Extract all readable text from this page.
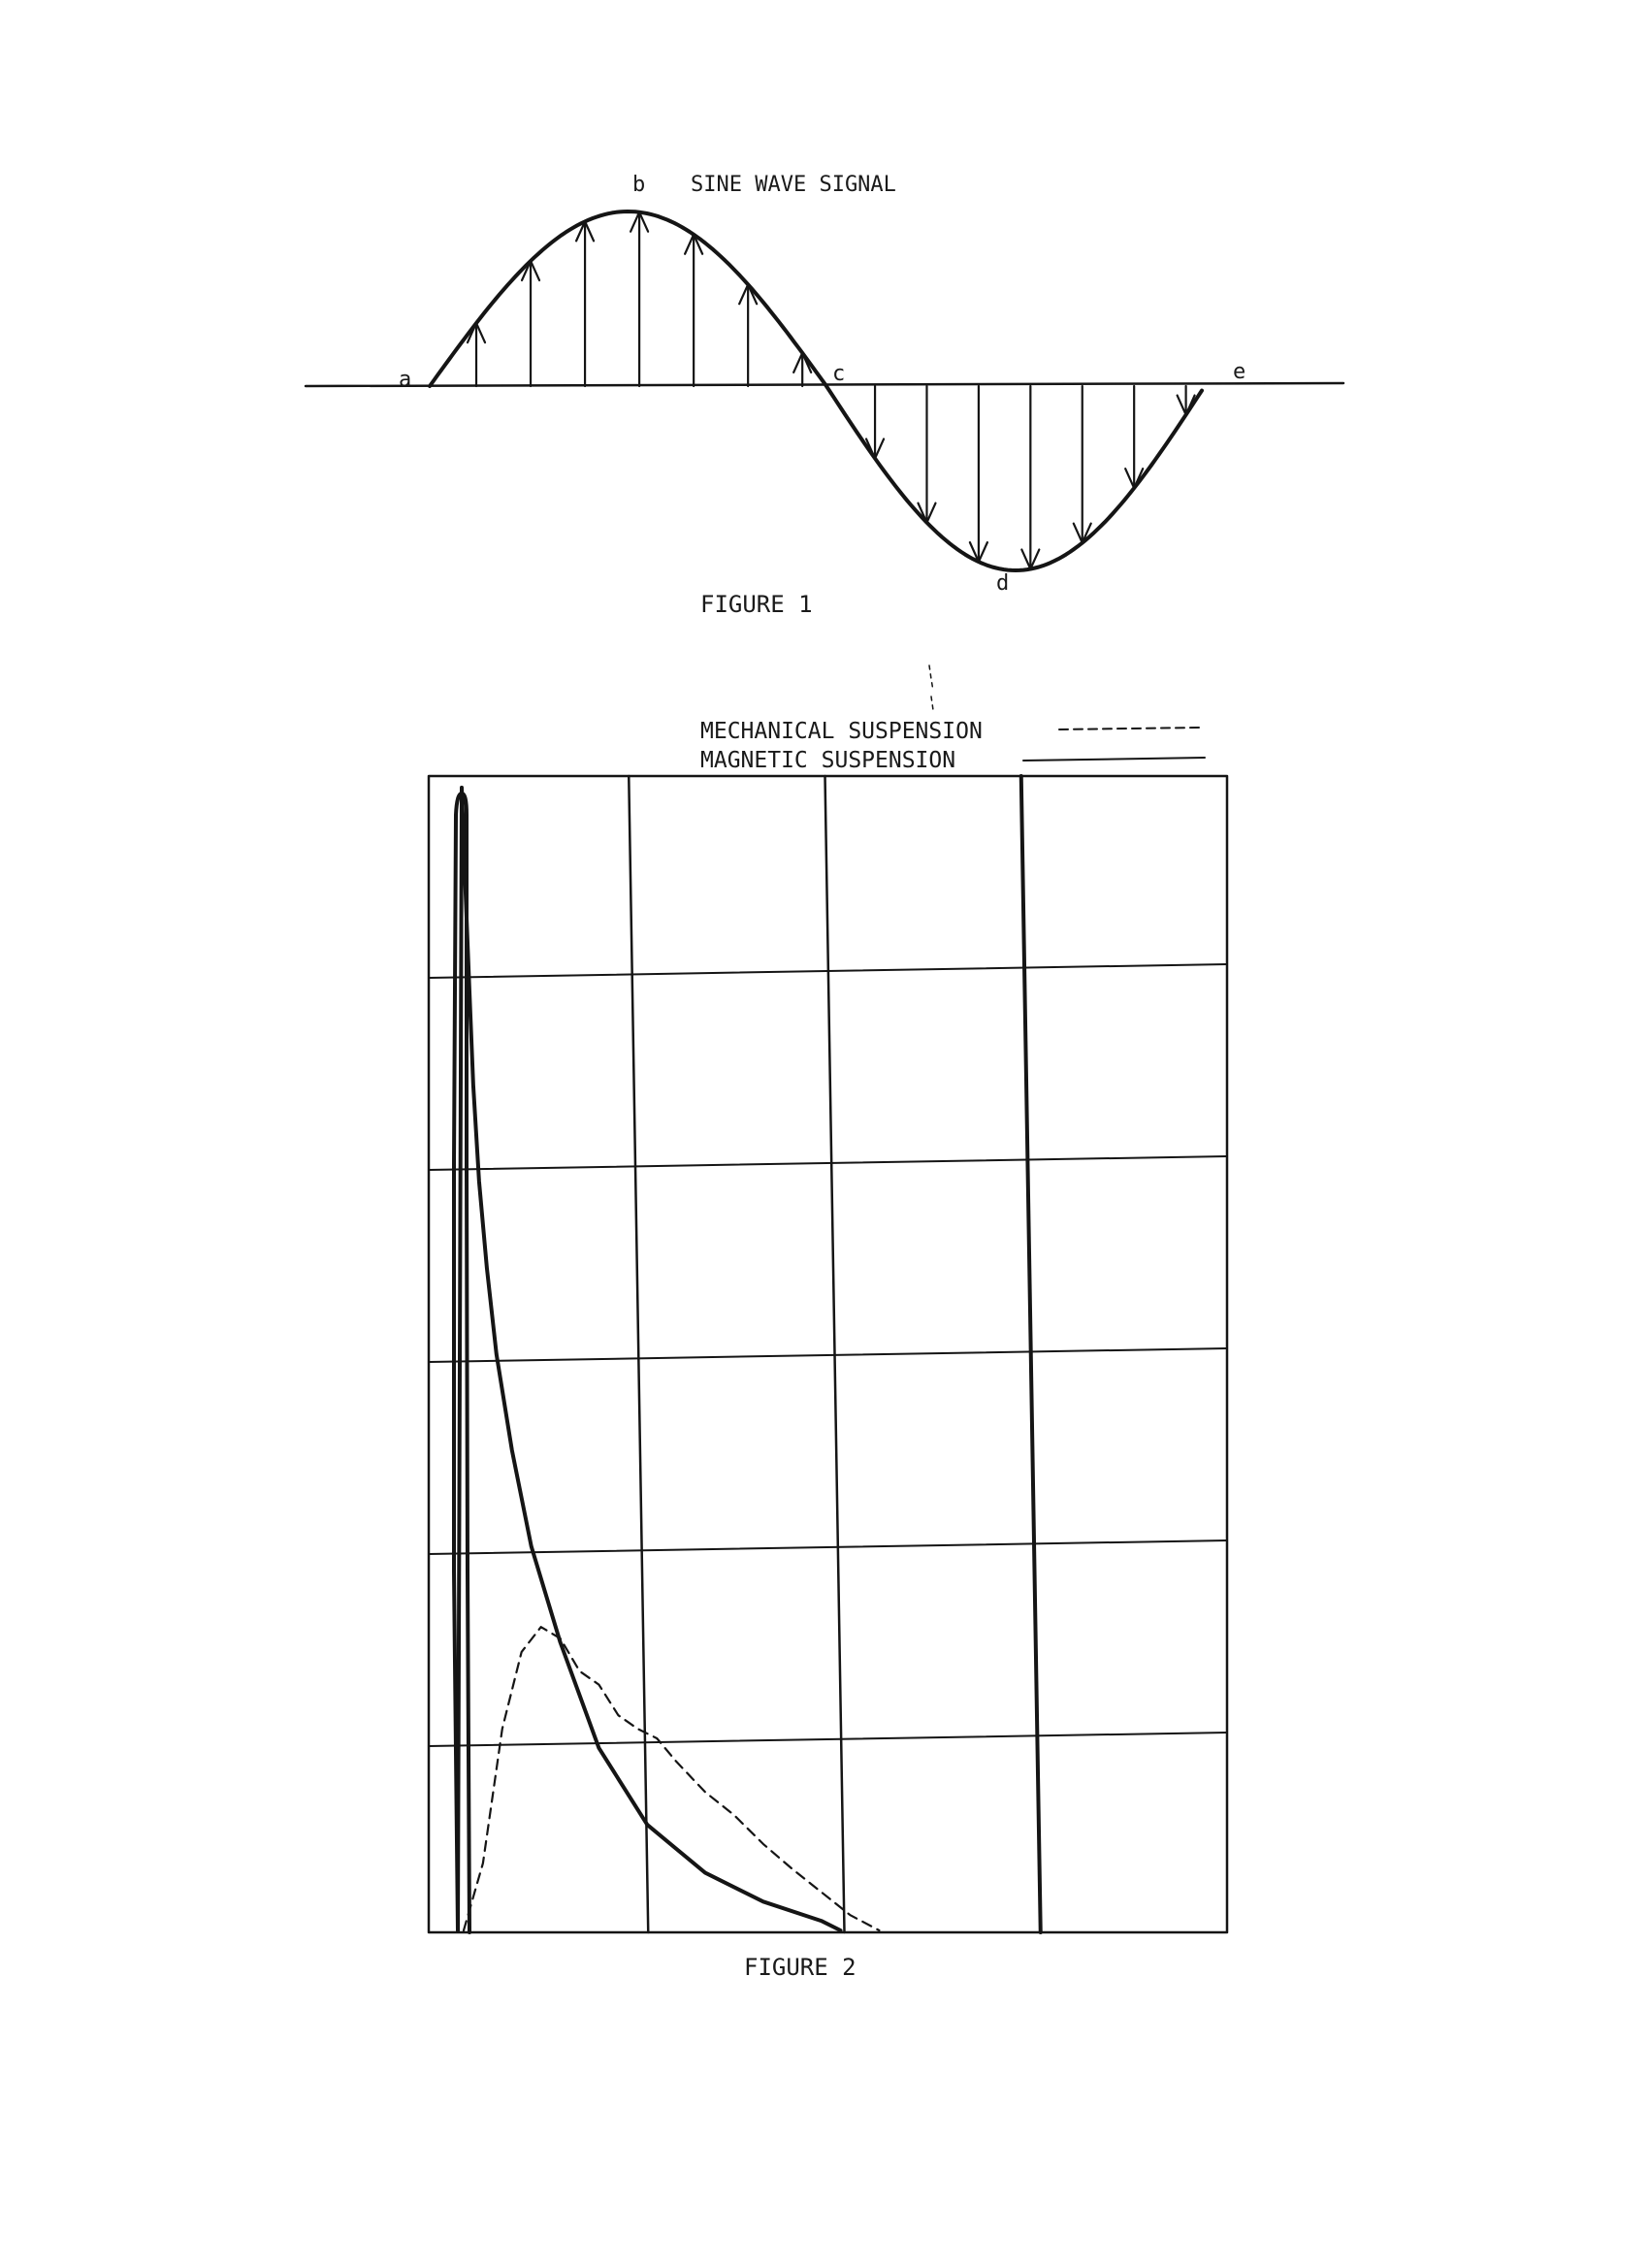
b SINE WAVE SIGNAL
a	c	e
d
FIGURE 1
MECHANICAL SUSPENSION
MAGNETIC SUSPENSION
FIGURE 2
